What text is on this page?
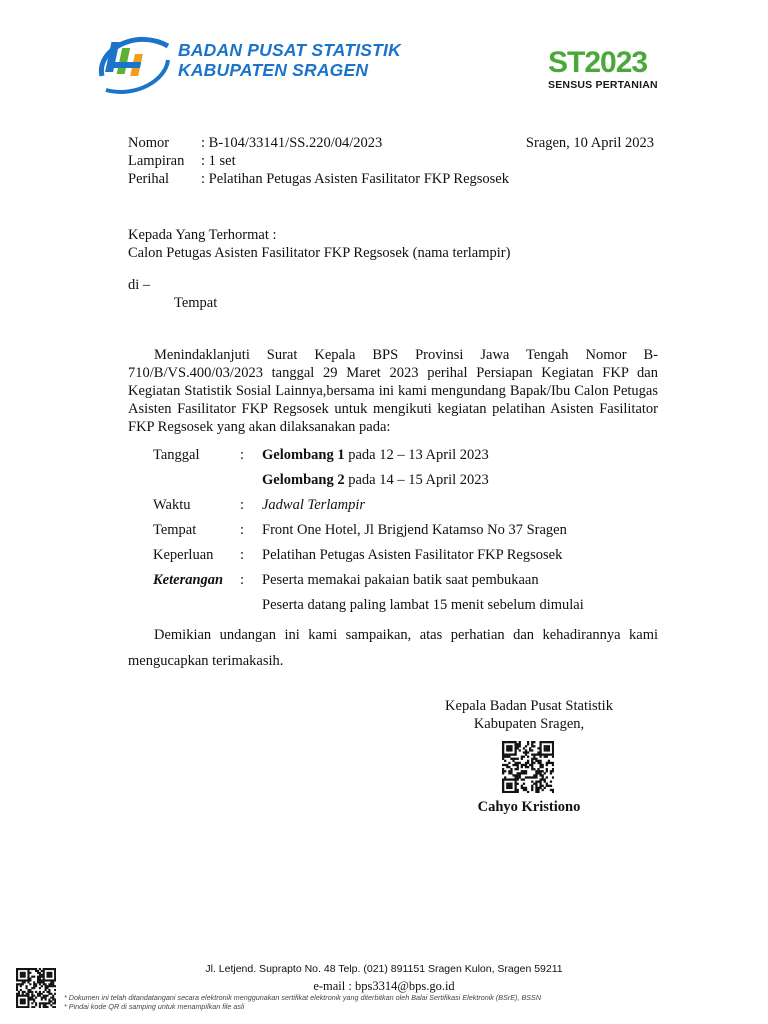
BADAN PUSAT STATISTIK
KABUPATEN SRAGEN	ST2023
SENSUS PERTANIAN
Nomor : B-104/33141/SS.220/04/2023	Sragen, 10 April 2023
Lampiran : 1 set
Perihal : Pelatihan Petugas Asisten Fasilitator FKP Regsosek
Kepada Yang Terhormat :
Calon Petugas Asisten Fasilitator FKP Regsosek (nama terlampir)
di –
Tempat
Menindaklanjuti Surat Kepala BPS Provinsi Jawa Tengah Nomor B-710/B/VS.400/03/2023 tanggal 29 Maret 2023 perihal Persiapan Kegiatan FKP dan Kegiatan Statistik Sosial Lainnya,bersama ini kami mengundang Bapak/Ibu Calon Petugas Asisten Fasilitator FKP Regsosek untuk mengikuti kegiatan pelatihan Asisten Fasilitator FKP Regsosek yang akan dilaksanakan pada:
Tanggal	: Gelombang 1 pada 12 – 13 April 2023
Gelombang 2 pada 14 – 15 April 2023
Waktu	: Jadwal Terlampir
Tempat	: Front One Hotel, Jl Brigjend Katamso No 37 Sragen
Keperluan : Pelatihan Petugas Asisten Fasilitator FKP Regsosek
Keterangan : Peserta memakai pakaian batik saat pembukaan
Peserta datang paling lambat 15 menit sebelum dimulai
Demikian undangan ini kami sampaikan, atas perhatian dan kehadirannya kami mengucapkan terimakasih.
Kepala Badan Pusat Statistik
Kabupaten Sragen,
Cahyo Kristiono
Jl. Letjend. Suprapto No. 48 Telp. (021) 891151 Sragen Kulon, Sragen 59211
e-mail : bps3314@bps.go.id
* Dokumen ini telah ditandatangani secara elektronik menggunakan sertifikat elektronik yang diterbitkan oleh Balai Sertifikasi Elektronik (BSrE), BSSN
* Pindai kode QR di samping untuk menampilkan file asli
